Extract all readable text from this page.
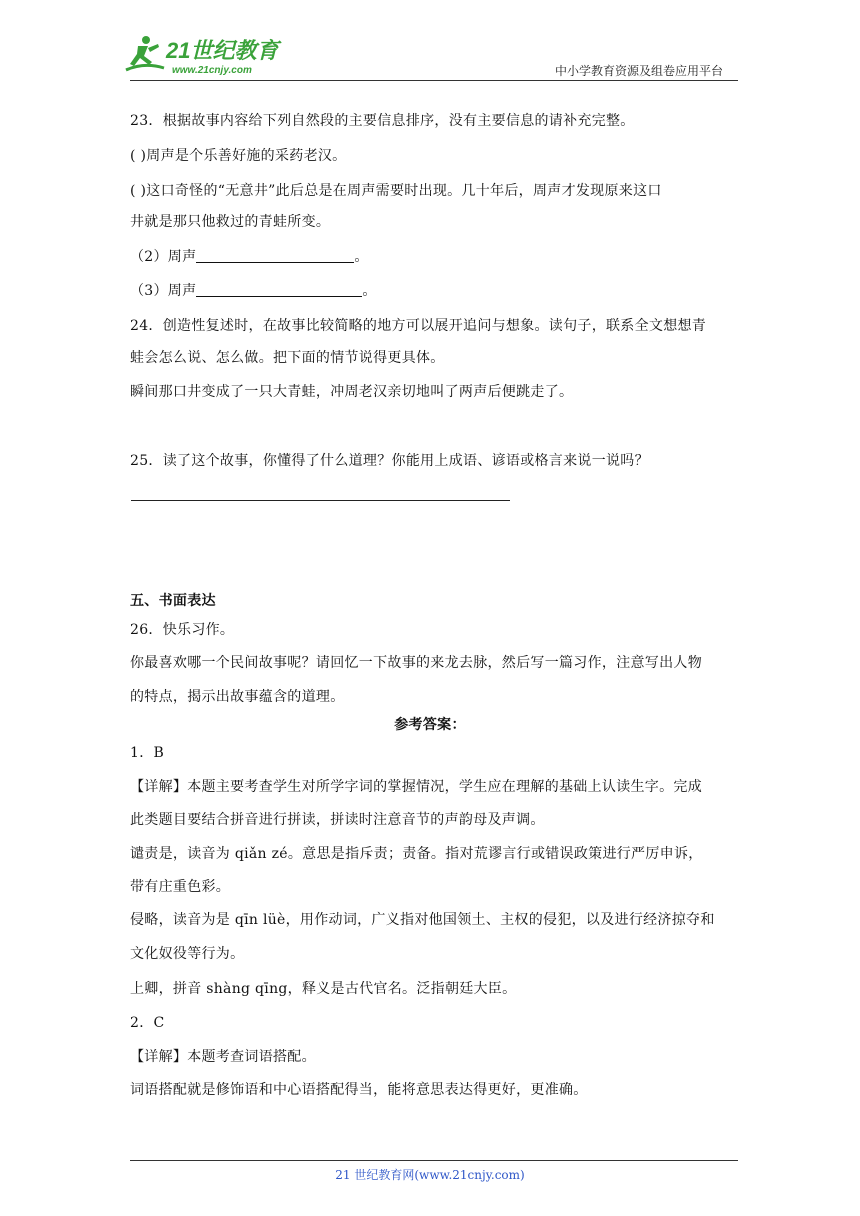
21世纪教育
www.21cnjy.com	中小学教育资源及组卷应用平台
23．根据故事内容给下列自然段的主要信息排序，没有主要信息的请补充完整。
( )周声是个乐善好施的采药老汉。
( )这口奇怪的“无意井”此后总是在周声需要时出现。几十年后，周声才发现原来这口
井就是那只他救过的青蛙所变。
（2）周声	。
（3）周声	。
24．创造性复述时，在故事比较简略的地方可以展开追问与想象。读句子，联系全文想想青
蛙会怎么说、怎么做。把下面的情节说得更具体。
瞬间那口井变成了一只大青蛙，冲周老汉亲切地叫了两声后便跳走了。
25．读了这个故事，你懂得了什么道理？你能用上成语、谚语或格言来说一说吗？
五、书面表达
26．快乐习作。
你最喜欢哪一个民间故事呢？请回忆一下故事的来龙去脉，然后写一篇习作，注意写出人物
的特点，揭示出故事蕴含的道理。
参考答案：
1．B
【详解】本题主要考查学生对所学字词的掌握情况，学生应在理解的基础上认读生字。完成
此类题目要结合拼音进行拼读，拼读时注意音节的声韵母及声调。
谴责是，读音为 qiǎn zé。意思是指斥责；责备。指对荒谬言行或错误政策进行严厉申诉，
带有庄重色彩。
侵略，读音为是 qīn lüè，用作动词，广义指对他国领土、主权的侵犯，以及进行经济掠夺和
文化奴役等行为。
上卿，拼音 shàng qīng，释义是古代官名。泛指朝廷大臣。
2．C
【详解】本题考查词语搭配。
词语搭配就是修饰语和中心语搭配得当，能将意思表达得更好，更准确。
21 世纪教育网(www.21cnjy.com)
